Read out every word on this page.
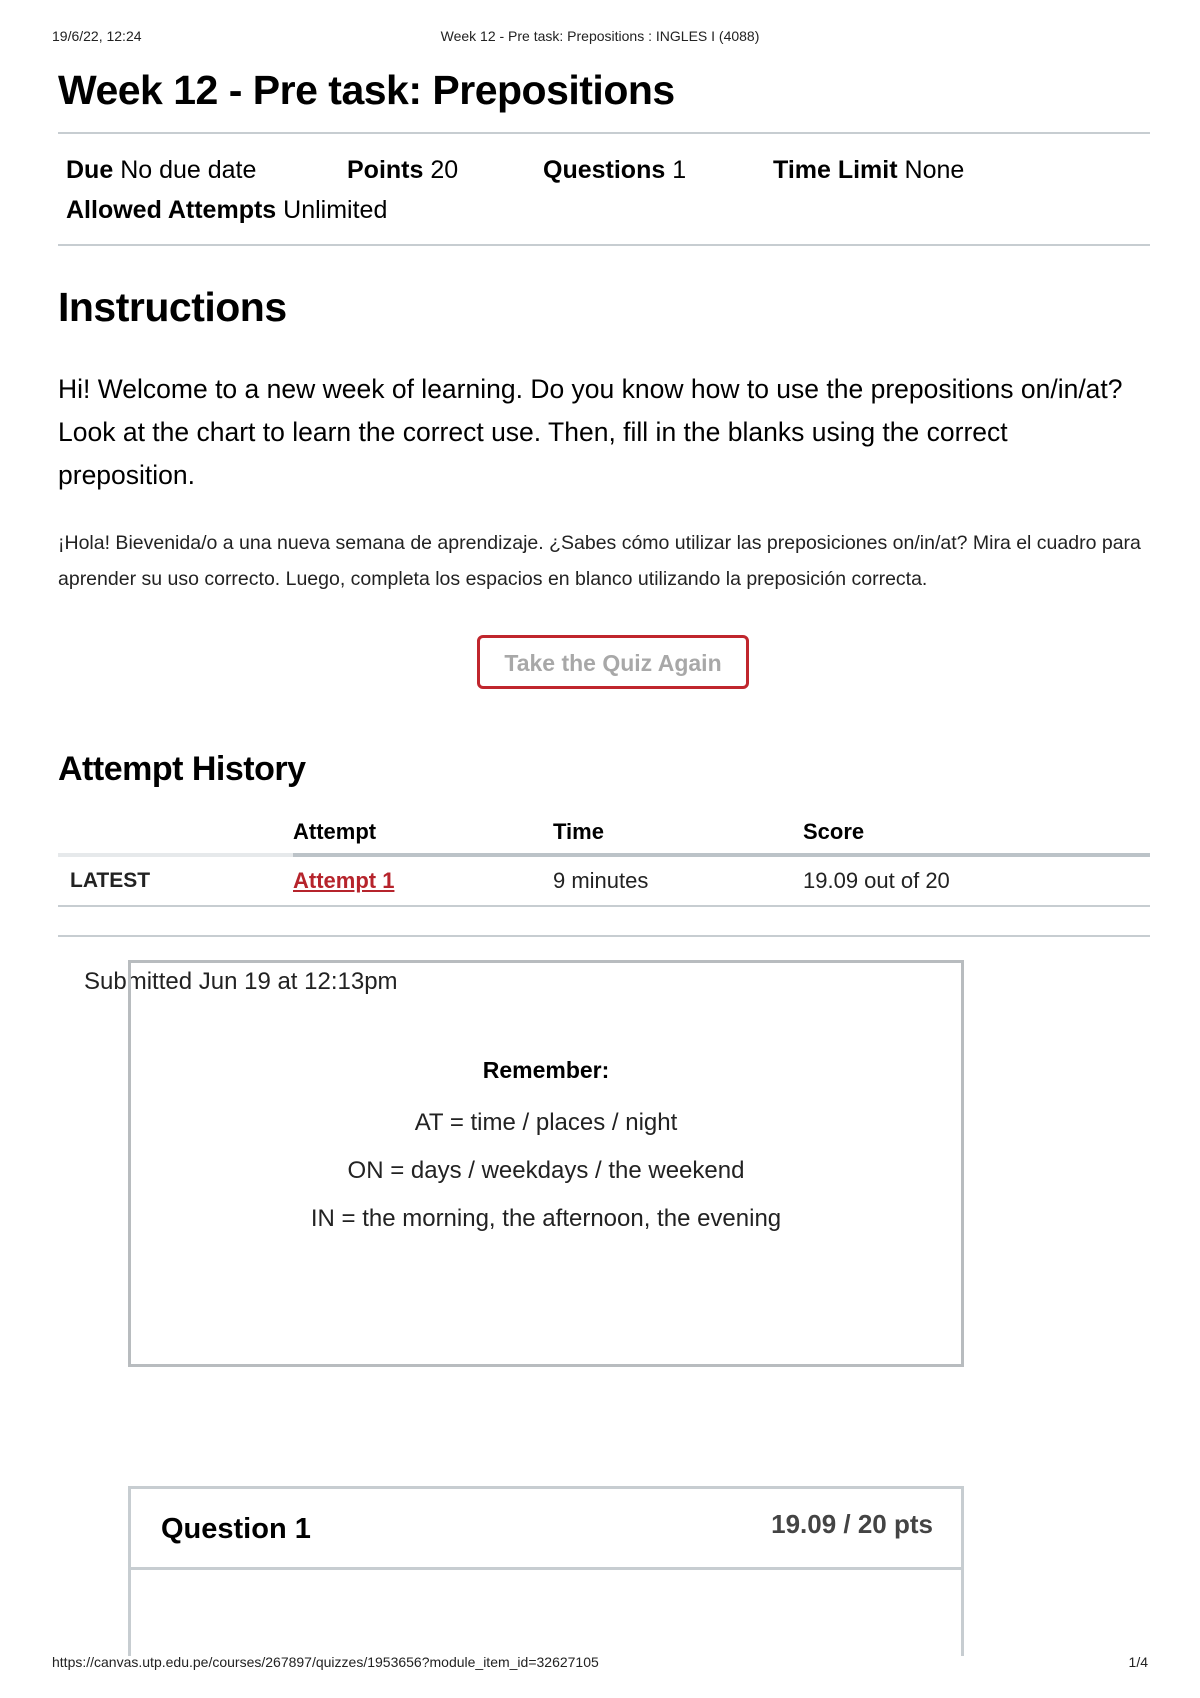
19/6/22, 12:24	Week 12 - Pre task: Prepositions : INGLES I (4088)
Week 12 - Pre task: Prepositions
Due No due date	Points 20	Questions 1	Time Limit None
Allowed Attempts Unlimited
Instructions

Hi! Welcome to a new week of learning. Do you know how to use the prepositions on/in/at? Look at the chart to learn the correct use. Then, fill in the blanks using the correct preposition.

¡Hola! Bievenida/o a una nueva semana de aprendizaje. ¿Sabes cómo utilizar las preposiciones on/in/at? Mira el cuadro para aprender su uso correcto. Luego, completa los espacios en blanco utilizando la preposición correcta.

Take the Quiz Again
Attempt History
	Attempt	Time	Score
LATEST	Attempt 1	9 minutes	19.09 out of 20
Submitted Jun 19 at 12:13pm
Remember:
AT = time / places / night
ON = days / weekdays / the weekend
IN = the morning, the afternoon, the evening
Question 1	19.09 / 20 pts
https://canvas.utp.edu.pe/courses/267897/quizzes/1953656?module_item_id=32627105	1/4
